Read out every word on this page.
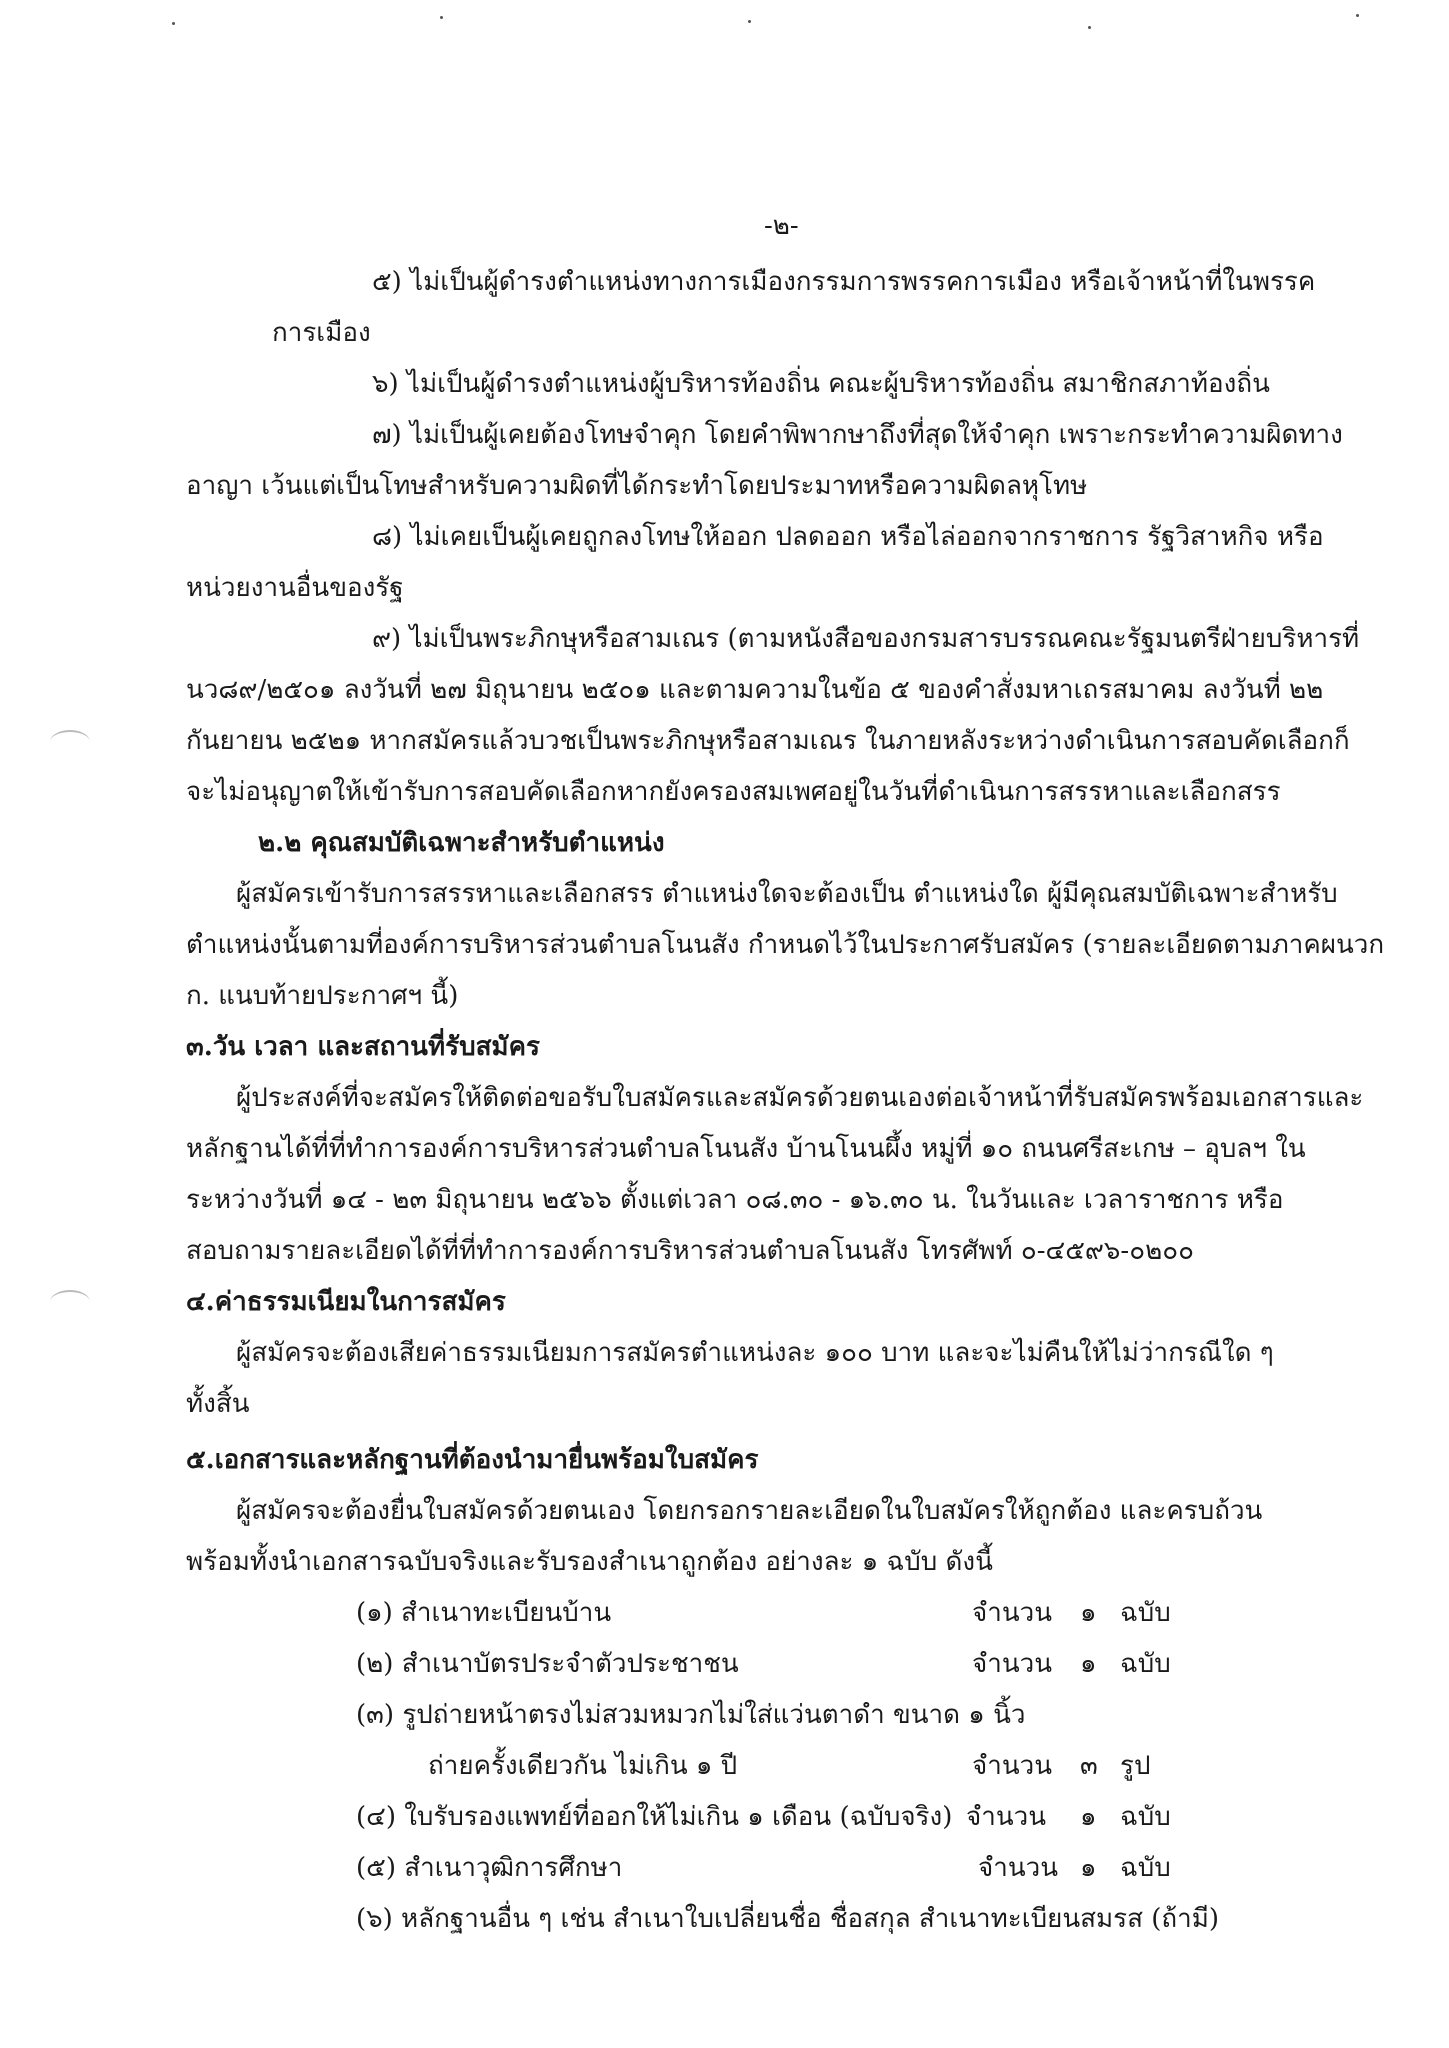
-๒-
๕) ไม่เป็นผู้ดำรงตำแหน่งทางการเมืองกรรมการพรรคการเมือง หรือเจ้าหน้าที่ในพรรค
การเมือง
๖) ไม่เป็นผู้ดำรงตำแหน่งผู้บริหารท้องถิ่น คณะผู้บริหารท้องถิ่น สมาชิกสภาท้องถิ่น
๗) ไม่เป็นผู้เคยต้องโทษจำคุก โดยคำพิพากษาถึงที่สุดให้จำคุก เพราะกระทำความผิดทาง
อาญา เว้นแต่เป็นโทษสำหรับความผิดที่ได้กระทำโดยประมาทหรือความผิดลหุโทษ
๘) ไม่เคยเป็นผู้เคยถูกลงโทษให้ออก ปลดออก หรือไล่ออกจากราชการ รัฐวิสาหกิจ หรือ
หน่วยงานอื่นของรัฐ
๙) ไม่เป็นพระภิกษุหรือสามเณร (ตามหนังสือของกรมสารบรรณคณะรัฐมนตรีฝ่ายบริหารที่
นว๘๙/๒๕๐๑ ลงวันที่ ๒๗ มิถุนายน ๒๕๐๑ และตามความในข้อ ๕ ของคำสั่งมหาเถรสมาคม ลงวันที่ ๒๒
กันยายน ๒๕๒๑ หากสมัครแล้วบวชเป็นพระภิกษุหรือสามเณร ในภายหลังระหว่างดำเนินการสอบคัดเลือกก็
จะไม่อนุญาตให้เข้ารับการสอบคัดเลือกหากยังครองสมเพศอยู่ในวันที่ดำเนินการสรรหาและเลือกสรร
๒.๒ คุณสมบัติเฉพาะสำหรับตำแหน่ง
ผู้สมัครเข้ารับการสรรหาและเลือกสรร ตำแหน่งใดจะต้องเป็น ตำแหน่งใด ผู้มีคุณสมบัติเฉพาะสำหรับ
ตำแหน่งนั้นตามที่องค์การบริหารส่วนตำบลโนนสัง กำหนดไว้ในประกาศรับสมัคร (รายละเอียดตามภาคผนวก
ก. แนบท้ายประกาศฯ นี้)
๓.วัน เวลา และสถานที่รับสมัคร
ผู้ประสงค์ที่จะสมัครให้ติดต่อขอรับใบสมัครและสมัครด้วยตนเองต่อเจ้าหน้าที่รับสมัครพร้อมเอกสารและ
หลักฐานได้ที่ที่ทำการองค์การบริหารส่วนตำบลโนนสัง บ้านโนนผึ้ง หมู่ที่ ๑๐ ถนนศรีสะเกษ – อุบลฯ ใน
ระหว่างวันที่ ๑๔ - ๒๓ มิถุนายน ๒๕๖๖ ตั้งแต่เวลา ๐๘.๓๐ - ๑๖.๓๐ น. ในวันและ เวลาราชการ หรือ
สอบถามรายละเอียดได้ที่ที่ทำการองค์การบริหารส่วนตำบลโนนสัง โทรศัพท์ ๐-๔๕๙๖-๐๒๐๐
๔.ค่าธรรมเนียมในการสมัคร
ผู้สมัครจะต้องเสียค่าธรรมเนียมการสมัครตำแหน่งละ ๑๐๐ บาท และจะไม่คืนให้ไม่ว่ากรณีใด ๆ
ทั้งสิ้น
๕.เอกสารและหลักฐานที่ต้องนำมายื่นพร้อมใบสมัคร
ผู้สมัครจะต้องยื่นใบสมัครด้วยตนเอง โดยกรอกรายละเอียดในใบสมัครให้ถูกต้อง และครบถ้วน
พร้อมทั้งนำเอกสารฉบับจริงและรับรองสำเนาถูกต้อง อย่างละ ๑ ฉบับ ดังนี้
(๑) สำเนาทะเบียนบ้าน	จำนวน ๑ ฉบับ
(๒) สำเนาบัตรประจำตัวประชาชน	จำนวน ๑ ฉบับ
(๓) รูปถ่ายหน้าตรงไม่สวมหมวกไม่ใส่แว่นตาดำ ขนาด ๑ นิ้ว
ถ่ายครั้งเดียวกัน ไม่เกิน ๑ ปี	จำนวน ๓ รูป
(๔) ใบรับรองแพทย์ที่ออกให้ไม่เกิน ๑ เดือน (ฉบับจริง) จำนวน ๑ ฉบับ
(๕) สำเนาวุฒิการศึกษา	จำนวน ๑ ฉบับ
(๖) หลักฐานอื่น ๆ เช่น สำเนาใบเปลี่ยนชื่อ ชื่อสกุล สำเนาทะเบียนสมรส (ถ้ามี)
